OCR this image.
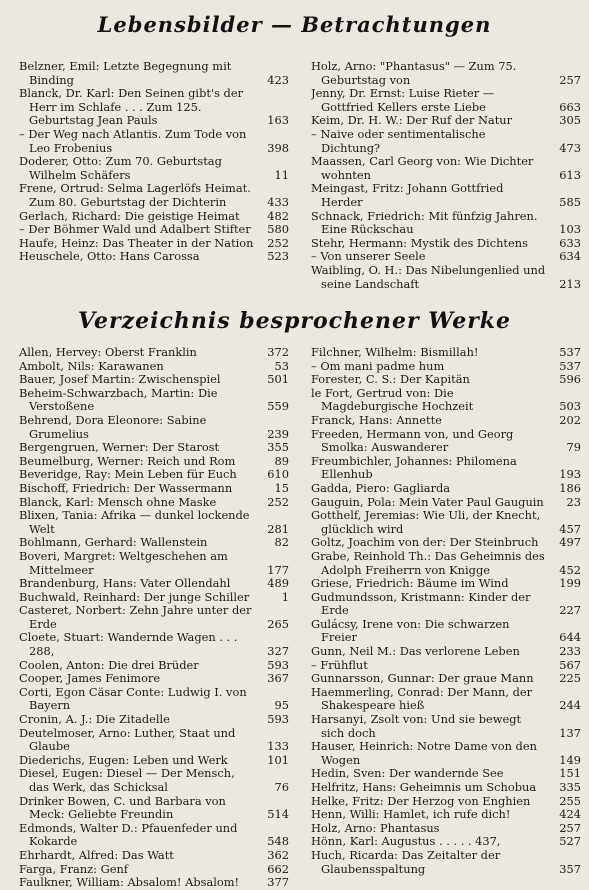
Lebensbilder — Betrachtungen
Belzner, Emil: Letzte Begegnung mit Binding	423
Blanck, Dr. Karl: Den Seinen gibt's der Herr im Schlafe . . . Zum 125. Geburtstag Jean Pauls	163
– Der Weg nach Atlantis. Zum Tode von Leo Frobenius	398
Doderer, Otto: Zum 70. Geburtstag Wilhelm Schäfers	11
Frene, Ortrud: Selma Lagerlöfs Heimat. Zum 80. Geburtstag der Dichterin	433
Gerlach, Richard: Die geistige Heimat	482
– Der Böhmer Wald und Adalbert Stifter	580
Haufe, Heinz: Das Theater in der Nation	252
Heuschele, Otto: Hans Carossa	523
Holz, Arno: "Phantasus" — Zum 75. Geburtstag von	257
Jenny, Dr. Ernst: Luise Rieter — Gottfried Kellers erste Liebe	663
Keim, Dr. H. W.: Der Ruf der Natur	305
– Naive oder sentimentalische Dichtung?	473
Maassen, Carl Georg von: Wie Dichter wohnten	613
Meingast, Fritz: Johann Gottfried Herder	585
Schnack, Friedrich: Mit fünfzig Jahren. Eine Rückschau	103
Stehr, Hermann: Mystik des Dichtens	633
– Von unserer Seele	634
Waibling, O. H.: Das Nibelungenlied und seine Landschaft	213
Verzeichnis besprochener Werke
Allen, Hervey: Oberst Franklin	372
Ambolt, Nils: Karawanen	53
Bauer, Josef Martin: Zwischenspiel	501
Beheim-Schwarzbach, Martin: Die Verstoßene	559
Behrend, Dora Eleonore: Sabine Grumelius	239
Bergengruen, Werner: Der Starost	355
Beumelburg, Werner: Reich und Rom	89
Beveridge, Ray: Mein Leben für Euch	610
Bischoff, Friedrich: Der Wassermann	15
Blanck, Karl: Mensch ohne Maske	252
Blixen, Tania: Afrika — dunkel lockende Welt	281
Bohlmann, Gerhard: Wallenstein	82
Boveri, Margret: Weltgeschehen am Mittelmeer	177
Brandenburg, Hans: Vater Ollendahl	489
Buchwald, Reinhard: Der junge Schiller	1
Casteret, Norbert: Zehn Jahre unter der Erde	265
Cloete, Stuart: Wandernde Wagen . . . 288,	327
Coolen, Anton: Die drei Brüder	593
Cooper, James Fenimore	367
Corti, Egon Cäsar Conte: Ludwig I. von Bayern	95
Cronin, A. J.: Die Zitadelle	593
Deutelmoser, Arno: Luther, Staat und Glaube	133
Diederichs, Eugen: Leben und Werk	101
Diesel, Eugen: Diesel — Der Mensch, das Werk, das Schicksal	76
Drinker Bowen, C. und Barbara von Meck: Geliebte Freundin	514
Edmonds, Walter D.: Pfauenfeder und Kokarde	548
Ehrhardt, Alfred: Das Watt	362
Farga, Franz: Genf	662
Faulkner, William: Absalom! Absalom!	377
Filchner, Wilhelm: Bismillah!	537
– Om mani padme hum	537
Forester, C. S.: Der Kapitän	596
le Fort, Gertrud von: Die Magdeburgische Hochzeit	503
Franck, Hans: Annette	202
Freeden, Hermann von, und Georg Smolka: Auswanderer	79
Freumbichler, Johannes: Philomena Ellenhub	193
Gadda, Piero: Gagliarda	186
Gauguin, Pola: Mein Vater Paul Gauguin	23
Gotthelf, Jeremias: Wie Uli, der Knecht, glücklich wird	457
Goltz, Joachim von der: Der Steinbruch	497
Grabe, Reinhold Th.: Das Geheimnis des Adolph Freiherrn von Knigge	452
Griese, Friedrich: Bäume im Wind	199
Gudmundsson, Kristmann: Kinder der Erde	227
Gulácsy, Irene von: Die schwarzen Freier	644
Gunn, Neil M.: Das verlorene Leben	233
– Frühflut	567
Gunnarsson, Gunnar: Der graue Mann	225
Haemmerling, Conrad: Der Mann, der Shakespeare hieß	244
Harsanyi, Zsolt von: Und sie bewegt sich doch	137
Hauser, Heinrich: Notre Dame von den Wogen	149
Hedin, Sven: Der wandernde See	151
Helfritz, Hans: Geheimnis um Schobua	335
Helke, Fritz: Der Herzog von Enghien	255
Henn, Willi: Hamlet, ich rufe dich!	424
Holz, Arno: Phantasus	257
Hönn, Karl: Augustus . . . . . 437,	527
Huch, Ricarda: Das Zeitalter der Glaubensspaltung	357
